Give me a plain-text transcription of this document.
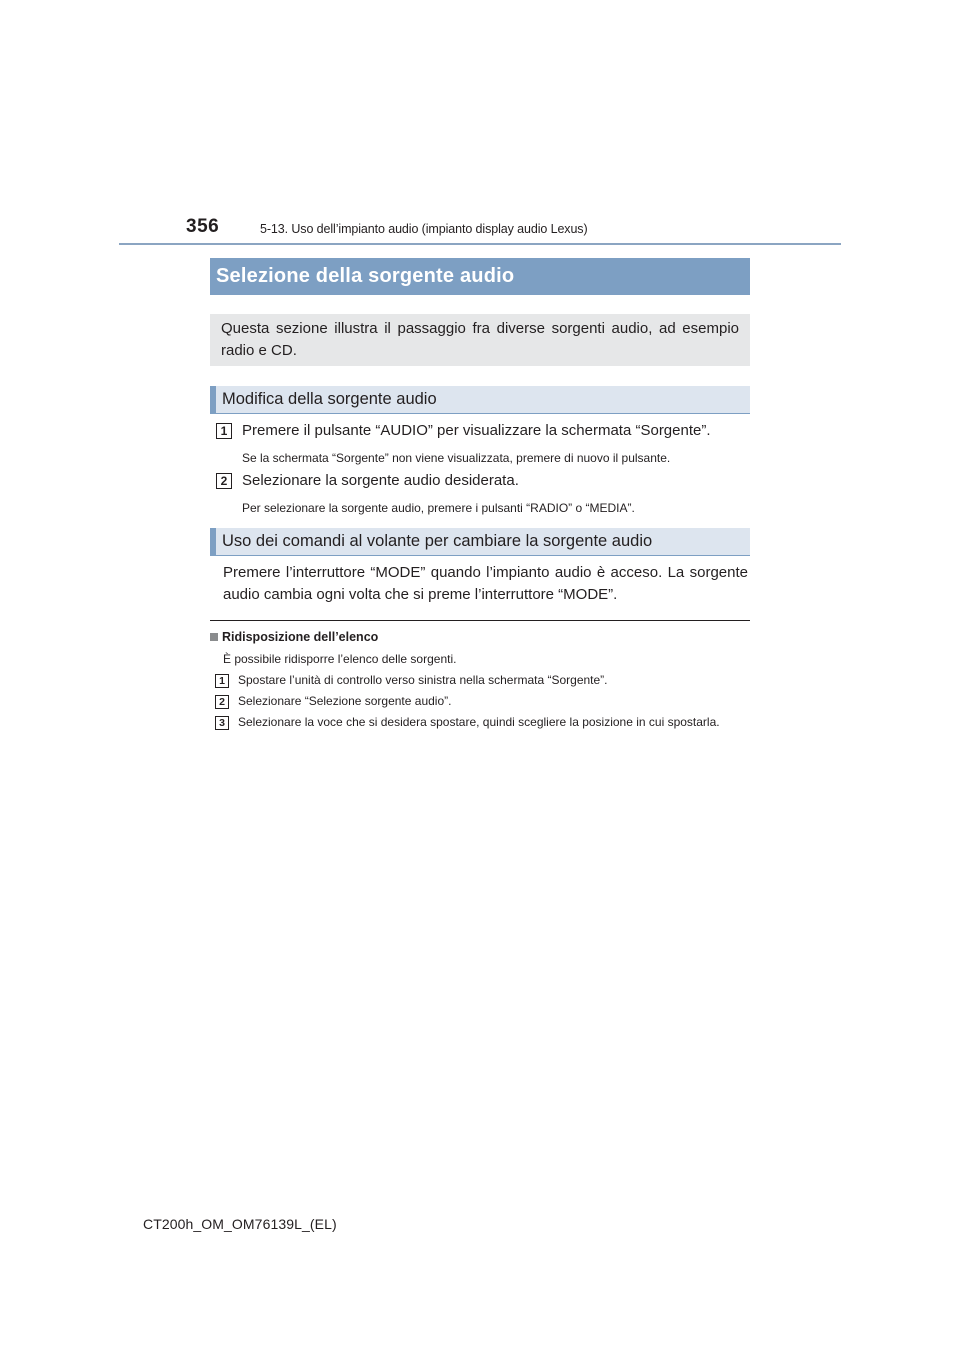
356	5-13. Uso dell’impianto audio (impianto display audio Lexus)
Selezione della sorgente audio
Questa sezione illustra il passaggio fra diverse sorgenti audio, ad esempio radio e CD.
Modifica della sorgente audio
1 Premere il pulsante “AUDIO” per visualizzare la schermata “Sorgente”.
Se la schermata “Sorgente” non viene visualizzata, premere di nuovo il pulsante.
2 Selezionare la sorgente audio desiderata.
Per selezionare la sorgente audio, premere i pulsanti “RADIO” o “MEDIA”.
Uso dei comandi al volante per cambiare la sorgente audio
Premere l’interruttore “MODE” quando l’impianto audio è acceso. La sorgente audio cambia ogni volta che si preme l’interruttore “MODE”.
Ridisposizione dell’elenco
È possibile ridisporre l’elenco delle sorgenti.
1	Spostare l’unità di controllo verso sinistra nella schermata “Sorgente”.
2	Selezionare “Selezione sorgente audio”.
3	Selezionare la voce che si desidera spostare, quindi scegliere la posizione in cui spostarla.
CT200h_OM_OM76139L_(EL)
